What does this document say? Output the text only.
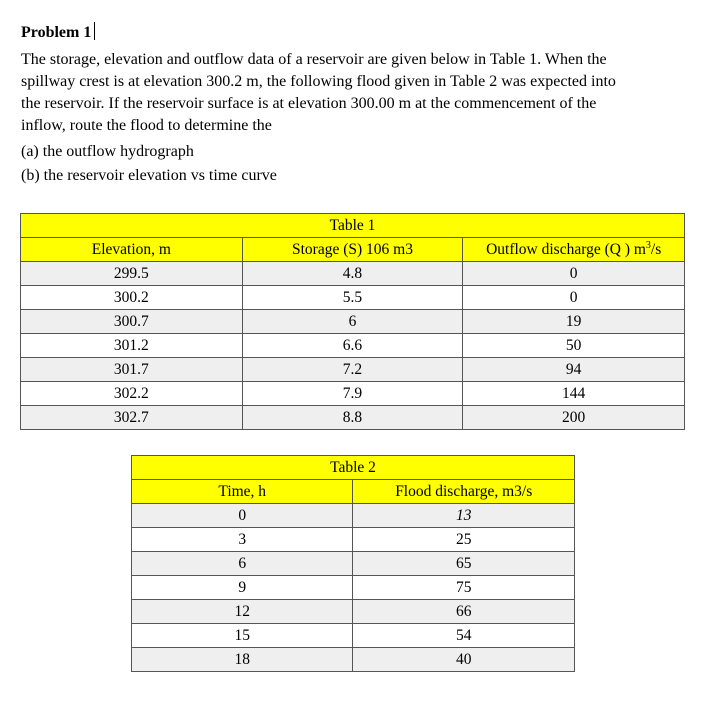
Problem 1

The storage, elevation and outflow data of a reservoir are given below in Table 1. When the

spillway crest is at elevation 300.2 m, the following flood given in Table 2 was expected into

the reservoir. If the reservoir surface is at elevation 300.00 m at the commencement of the

inflow, route the flood to determine the

(a) the outflow hydrograph
(b) the reservoir elevation vs time curve
Table 1		
Elevation, m	Storage (S) 106 m3	Outflow discharge (Q ) $m^3/s$
299.5	4.8	0
300.2	5.5	0
300.7	6	19
301.2	6.6	50
301.7	7.2	94
302.2	7.9	144
302.7	8.8	200
Table 2	
Time, h	Flood discharge, m3/s
0	13
3	25
6	65
9	75
12	66
15	54
18	40
